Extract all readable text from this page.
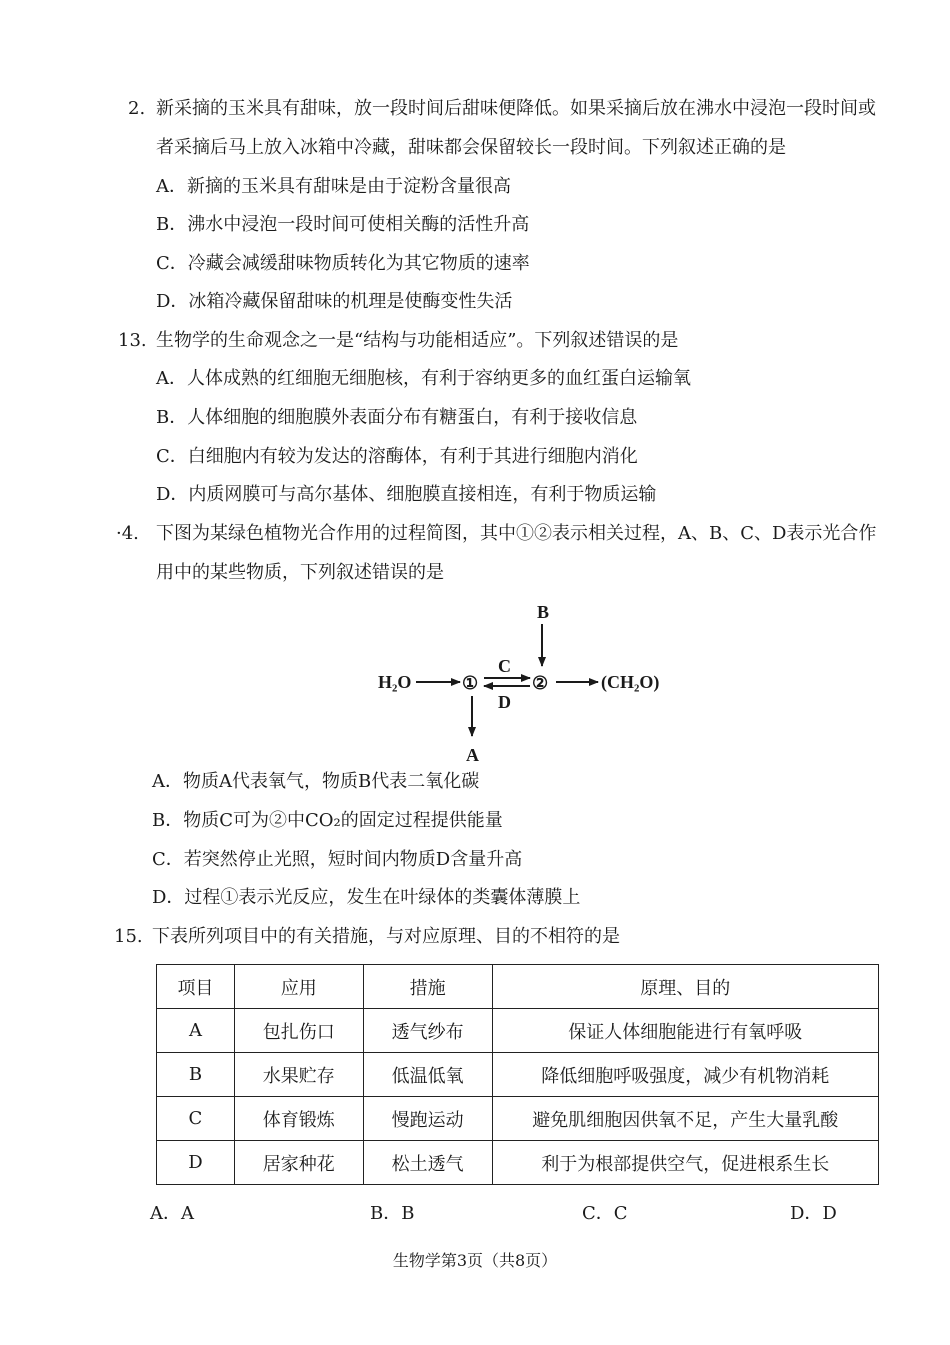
2. 新采摘的玉米具有甜味，放一段时间后甜味便降低。如果采摘后放在沸水中浸泡一段时间或
者采摘后马上放入冰箱中冷藏，甜味都会保留较长一段时间。下列叙述正确的是
A．新摘的玉米具有甜味是由于淀粉含量很高
B．沸水中浸泡一段时间可使相关酶的活性升高
C．冷藏会减缓甜味物质转化为其它物质的速率
D．冰箱冷藏保留甜味的机理是使酶变性失活
13. 生物学的生命观念之一是“结构与功能相适应”。下列叙述错误的是
A．人体成熟的红细胞无细胞核，有利于容纳更多的血红蛋白运输氧
B．人体细胞的细胞膜外表面分布有糖蛋白，有利于接收信息
C．白细胞内有较为发达的溶酶体，有利于其进行细胞内消化
D．内质网膜可与高尔基体、细胞膜直接相连，有利于物质运输
·4. 下图为某绿色植物光合作用的过程简图，其中①②表示相关过程，A、B、C、D表示光合作
用中的某些物质，下列叙述错误的是
B
H₂O	①
C
D
②	(CH₂O)
A
A．物质A代表氧气，物质B代表二氧化碳
B．物质C可为②中CO₂的固定过程提供能量
C．若突然停止光照，短时间内物质D含量升高
D．过程①表示光反应，发生在叶绿体的类囊体薄膜上
15. 下表所列项目中的有关措施，与对应原理、目的不相符的是
项目	应用	措施	原理、目的
A	包扎伤口	透气纱布	保证人体细胞能进行有氧呼吸
B	水果贮存	低温低氧	降低细胞呼吸强度，减少有机物消耗
C	体育锻炼	慢跑运动	避免肌细胞因供氧不足，产生大量乳酸
D	居家种花	松土透气	利于为根部提供空气，促进根系生长
A．A	B．B	C．C	D．D
生物学第3页（共8页）
